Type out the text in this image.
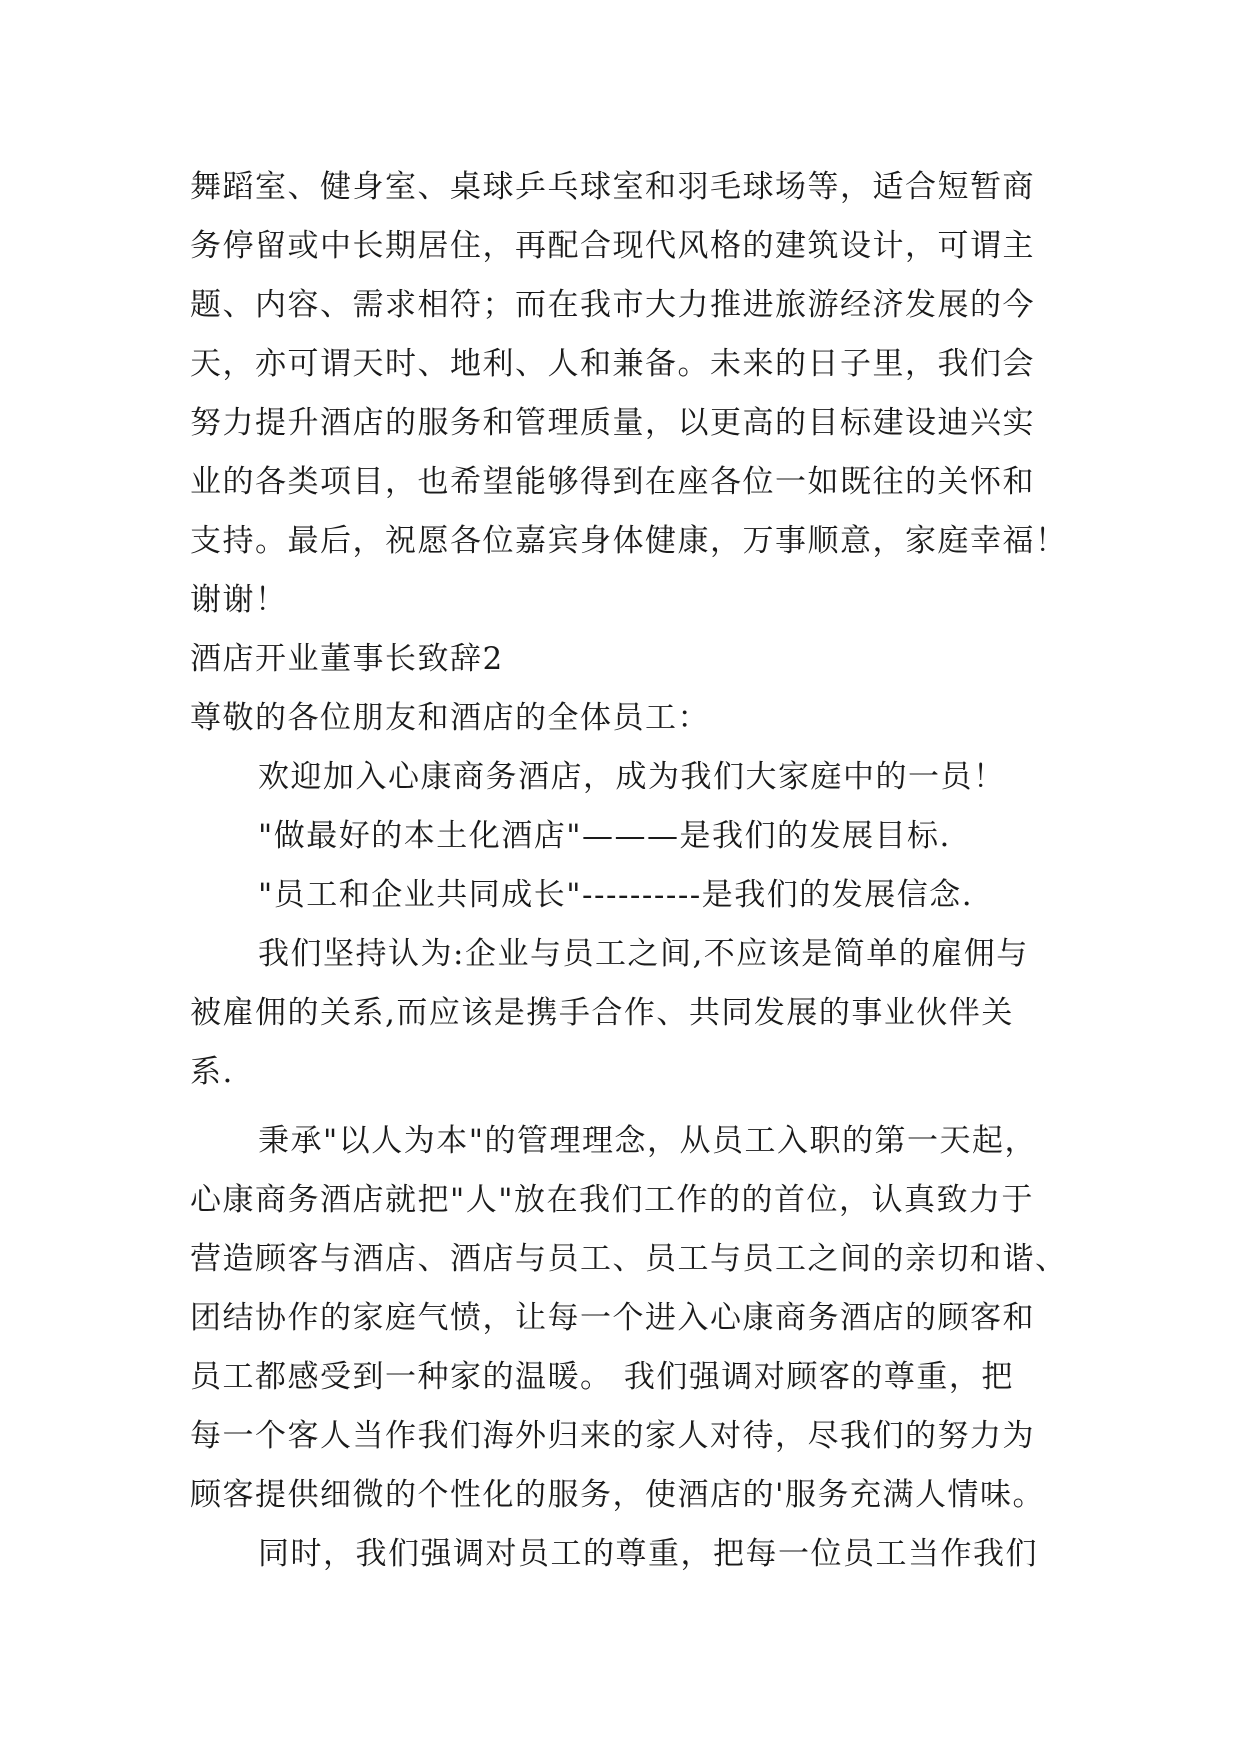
舞蹈室、健身室、桌球乒乓球室和羽毛球场等，适合短暂商
务停留或中长期居住，再配合现代风格的建筑设计，可谓主
题、内容、需求相符；而在我市大力推进旅游经济发展的今
天，亦可谓天时、地利、人和兼备。未来的日子里，我们会
努力提升酒店的服务和管理质量，以更高的目标建设迪兴实
业的各类项目，也希望能够得到在座各位一如既往的关怀和
支持。最后，祝愿各位嘉宾身体健康，万事顺意，家庭幸福！
谢谢！
酒店开业董事长致辞2
尊敬的各位朋友和酒店的全体员工：
欢迎加入心康商务酒店，成为我们大家庭中的一员！
"做最好的本土化酒店"———是我们的发展目标.
"员工和企业共同成长"----------是我们的发展信念.
我们坚持认为:企业与员工之间,不应该是简单的雇佣与
被雇佣的关系,而应该是携手合作、共同发展的事业伙伴关
系.
秉承"以人为本"的管理理念，从员工入职的第一天起，
心康商务酒店就把"人"放在我们工作的的首位，认真致力于
营造顾客与酒店、酒店与员工、员工与员工之间的亲切和谐、
团结协作的家庭气愤，让每一个进入心康商务酒店的顾客和
员工都感受到一种家的温暖。 我们强调对顾客的尊重，把
每一个客人当作我们海外归来的家人对待，尽我们的努力为
顾客提供细微的个性化的服务，使酒店的'服务充满人情味。
同时，我们强调对员工的尊重，把每一位员工当作我们
